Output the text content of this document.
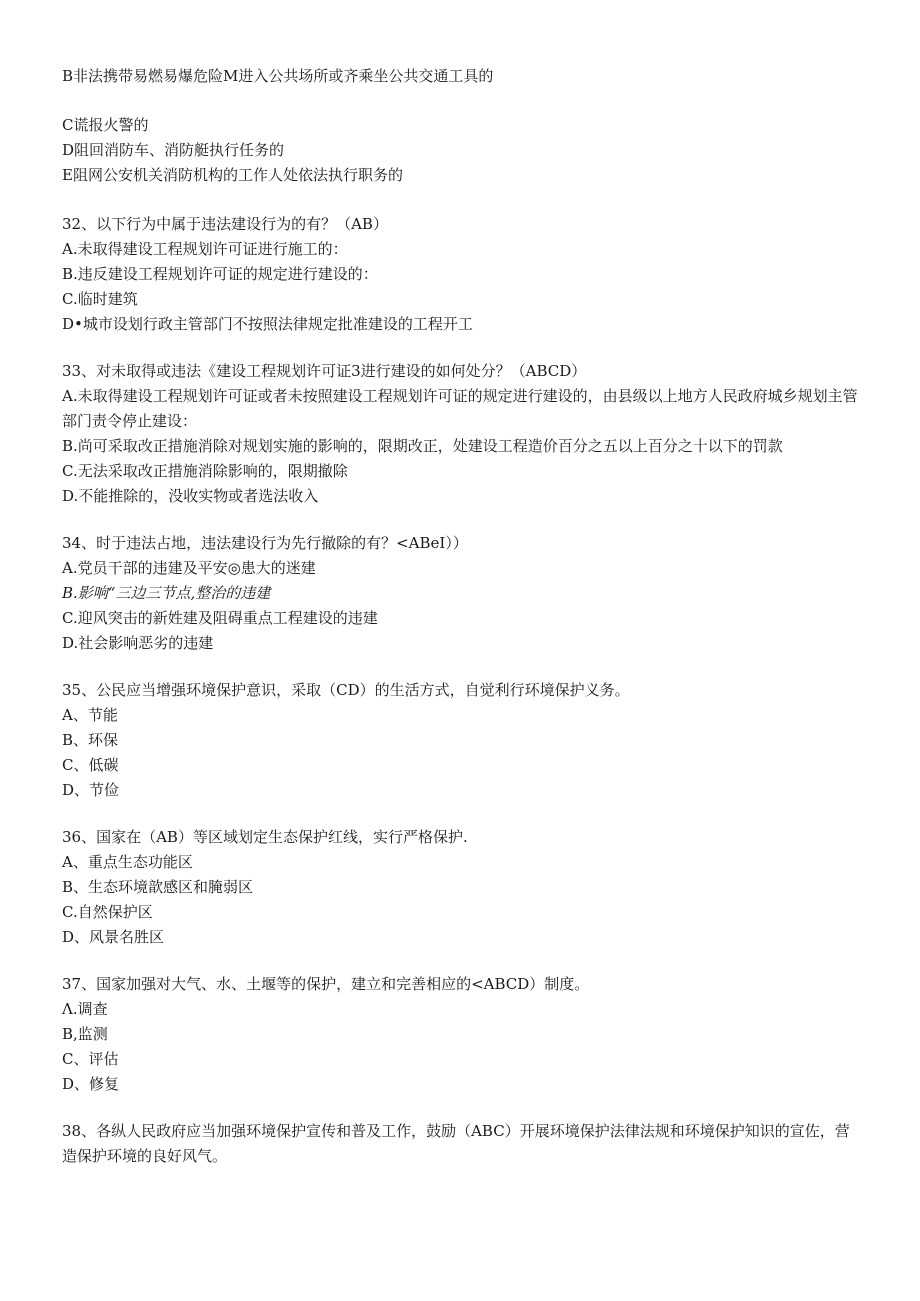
B非法携带易燃易爆危险M进入公共场所或齐乘坐公共交通工具的
C谎报火警的
D阻回消防车、消防艇执行任务的
E阻网公安机关消防机构的工作人处依法执行职务的
32、以下行为中属于违法建设行为的有？（AB）
A.未取得建设工程规划许可证进行施工的：
B.违反建设工程规划许可证的规定进行建设的：
C.临时建筑
D•城市设划行政主管部门不按照法律规定批准建设的工程开工
33、对未取得或违法《建设工程规划许可证3进行建设的如何处分？（ABCD）
A.未取得建设工程规划许可证或者未按照建设工程规划许可证的规定进行建设的，由县级以上地方人民政府城乡规划主管部门责令停止建设：
B.尚可采取改正措施消除对规划实施的影响的，限期改正，处建设工程造价百分之五以上百分之十以下的罚款
C.无法采取改正措施消除影响的，限期撤除
D.不能推除的，没收实物或者选法收入
34、时于违法占地，违法建设行为先行撤除的有？<ABeI））
A.党员干部的违建及平安◎患大的迷建
B.影响“三边三节点,整治的违建
C.迎风突击的新姓建及阻碍重点工程建设的违建
D.社会影响恶劣的违建
35、公民应当增强环境保护意识，采取（CD）的生活方式，自觉利行环境保护义务。
A、节能
B、环保
C、低碳
D、节俭
36、国家在（AB）等区域划定生态保护红线，实行严格保护.
A、重点生态功能区
B、生态环境歆感区和腌弱区
C.自然保护区
D、风景名胜区
37、国家加强对大气、水、土堰等的保护，建立和完善相应的<ABCD）制度。
Λ.调查
B,监测
C、评估
D、修复
38、各纵人民政府应当加强环境保护宣传和普及工作，鼓励（ABC）开展环境保护法律法规和环境保护知识的宣佐，营造保护环境的良好风气。
